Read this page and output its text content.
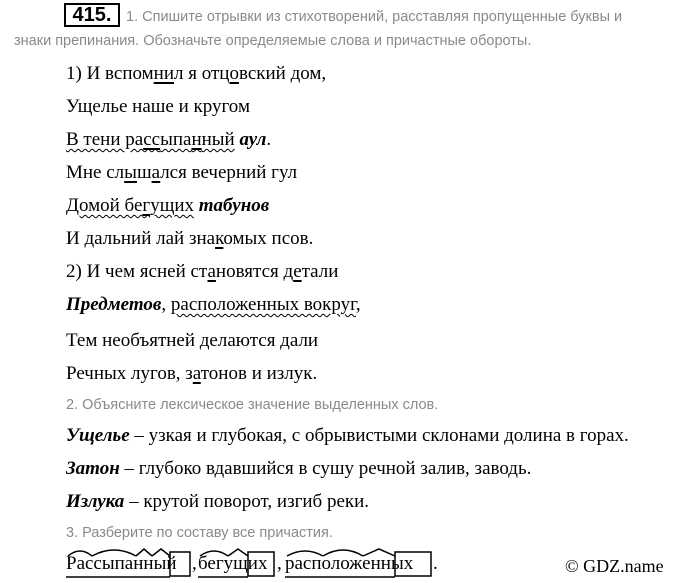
415.	1. Спишите отрывки из стихотворений, расставляя пропущенные буквы и
знаки препинания. Обозначьте определяемые слова и причастные обороты.
1) И вспомнил я отцовский дом,
Ущелье наше и кругом
В тени рассыпанный аул.
Мне слышался вечерний гул
Домой бегущих табунов
И дальний лай знакомых псов.
2) И чем ясней становятся детали
Предметов, расположенных вокруг,
Тем необъятней делаются дали
Речных лугов, затонов и излук.
2. Объясните лексическое значение выделенных слов.
Ущелье – узкая и глубокая, с обрывистыми склонами долина в горах.
Затон – глубоко вдавшийся в сушу речной залив, заводь.
Излука – крутой поворот, изгиб реки.
3. Разберите по составу все причастия.
Рассыпанный , бегущих , расположенных .	© GDZ.name
